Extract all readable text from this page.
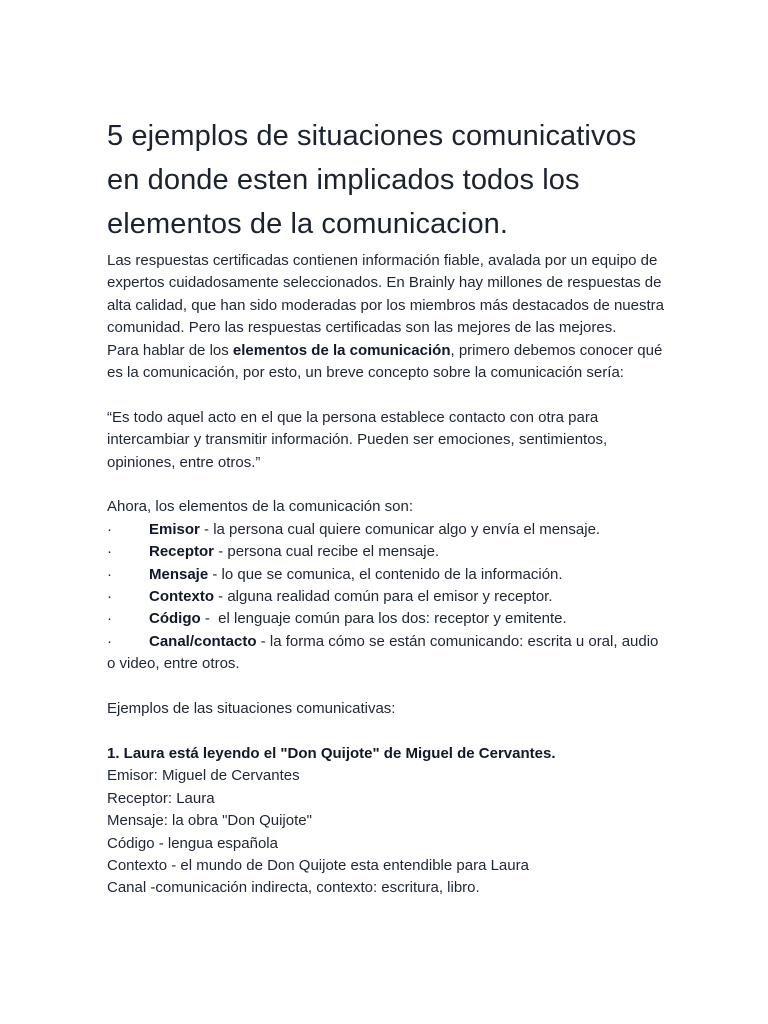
5 ejemplos de situaciones comunicativos en donde esten implicados todos los elementos de la comunicacion.

Las respuestas certificadas contienen información fiable, avalada por un equipo de expertos cuidadosamente seleccionados. En Brainly hay millones de respuestas de alta calidad, que han sido moderadas por los miembros más destacados de nuestra comunidad. Pero las respuestas certificadas son las mejores de las mejores.

Para hablar de los elementos de la comunicación, primero debemos conocer qué es la comunicación, por esto, un breve concepto sobre la comunicación sería:

“Es todo aquel acto en el que la persona establece contacto con otra para intercambiar y transmitir información. Pueden ser emociones, sentimientos, opiniones, entre otros.”

Ahora, los elementos de la comunicación son:

· Emisor - la persona cual quiere comunicar algo y envía el mensaje.
· Receptor - persona cual recibe el mensaje.
· Mensaje - lo que se comunica, el contenido de la información.
· Contexto - alguna realidad común para el emisor y receptor.
· Código -  el lenguaje común para los dos: receptor y emitente.
· Canal/contacto - la forma cómo se están comunicando: escrita u oral, audio o video, entre otros.

Ejemplos de las situaciones comunicativas:

1. Laura está leyendo el "Don Quijote" de Miguel de Cervantes.

Emisor: Miguel de Cervantes

Receptor: Laura

Mensaje: la obra "Don Quijote"

Código - lengua española

Contexto - el mundo de Don Quijote esta entendible para Laura

Canal -comunicación indirecta, contexto: escritura, libro.
